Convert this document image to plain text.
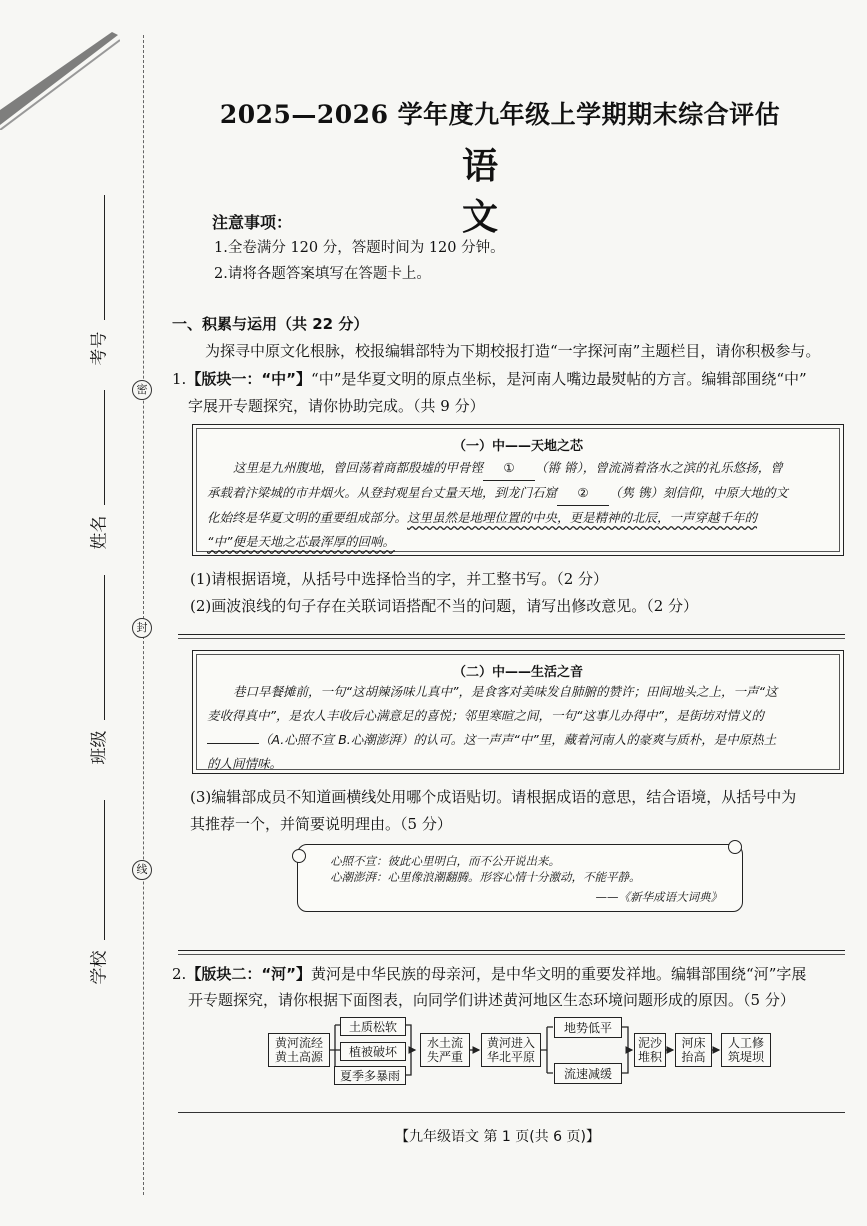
密
封
线
考号
姓名
班级
学校
2025—2026 学年度九年级上学期期末综合评估
语 文
注意事项：
1.全卷满分 120 分，答题时间为 120 分钟。
2.请将各题答案填写在答题卡上。
一、积累与运用（共 22 分）
为探寻中原文化根脉，校报编辑部特为下期校报打造“一字探河南”主题栏目，请你积极参与。
1.【版块一：“中”】“中”是华夏文明的原点坐标，是河南人嘴边最熨帖的方言。编辑部围绕“中”
字展开专题探究，请你协助完成。（共 9 分）
（一）中——天地之芯
这里是九州腹地，曾回荡着商都殷墟的甲骨铿 ① （锵 锵），曾流淌着洛水之滨的礼乐悠扬，曾
承载着汴梁城的市井烟火。从登封观星台丈量天地，到龙门石窟 ② （隽 镌）刻信仰，中原大地的文
化始终是华夏文明的重要组成部分。这里虽然是地理位置的中央，更是精神的北辰，一声穿越千年的
“中”便是天地之芯最浑厚的回响。
(1)请根据语境，从括号中选择恰当的字，并工整书写。（2 分）
(2)画波浪线的句子存在关联词语搭配不当的问题，请写出修改意见。（2 分）
（二）中——生活之音
巷口早餐摊前，一句“这胡辣汤味儿真中”，是食客对美味发自肺腑的赞许；田间地头之上，一声“这
麦收得真中”，是农人丰收后心满意足的喜悦；邻里寒暄之间，一句“这事儿办得中”，是街坊对情义的
（A.心照不宣 B.心潮澎湃）的认可。这一声声“中”里，藏着河南人的豪爽与质朴，是中原热土
的人间情味。
(3)编辑部成员不知道画横线处用哪个成语贴切。请根据成语的意思，结合语境，从括号中为
其推荐一个，并简要说明理由。（5 分）
心照不宣：彼此心里明白，而不公开说出来。
心潮澎湃：心里像浪潮翻腾。形容心情十分激动，不能平静。
——《新华成语大词典》
2.【版块二：“河”】黄河是中华民族的母亲河，是中华文明的重要发祥地。编辑部围绕“河”字展
开专题探究，请你根据下面图表，向同学们讲述黄河地区生态环境问题形成的原因。（5 分）
黄河流经
黄土高源
土质松软
植被破坏
夏季多暴雨
水土流
失严重
黄河进入
华北平原
地势低平
流速减缓
泥沙
堆积
河床
抬高
人工修
筑堤坝
【九年级语文 第 1 页(共 6 页)】
